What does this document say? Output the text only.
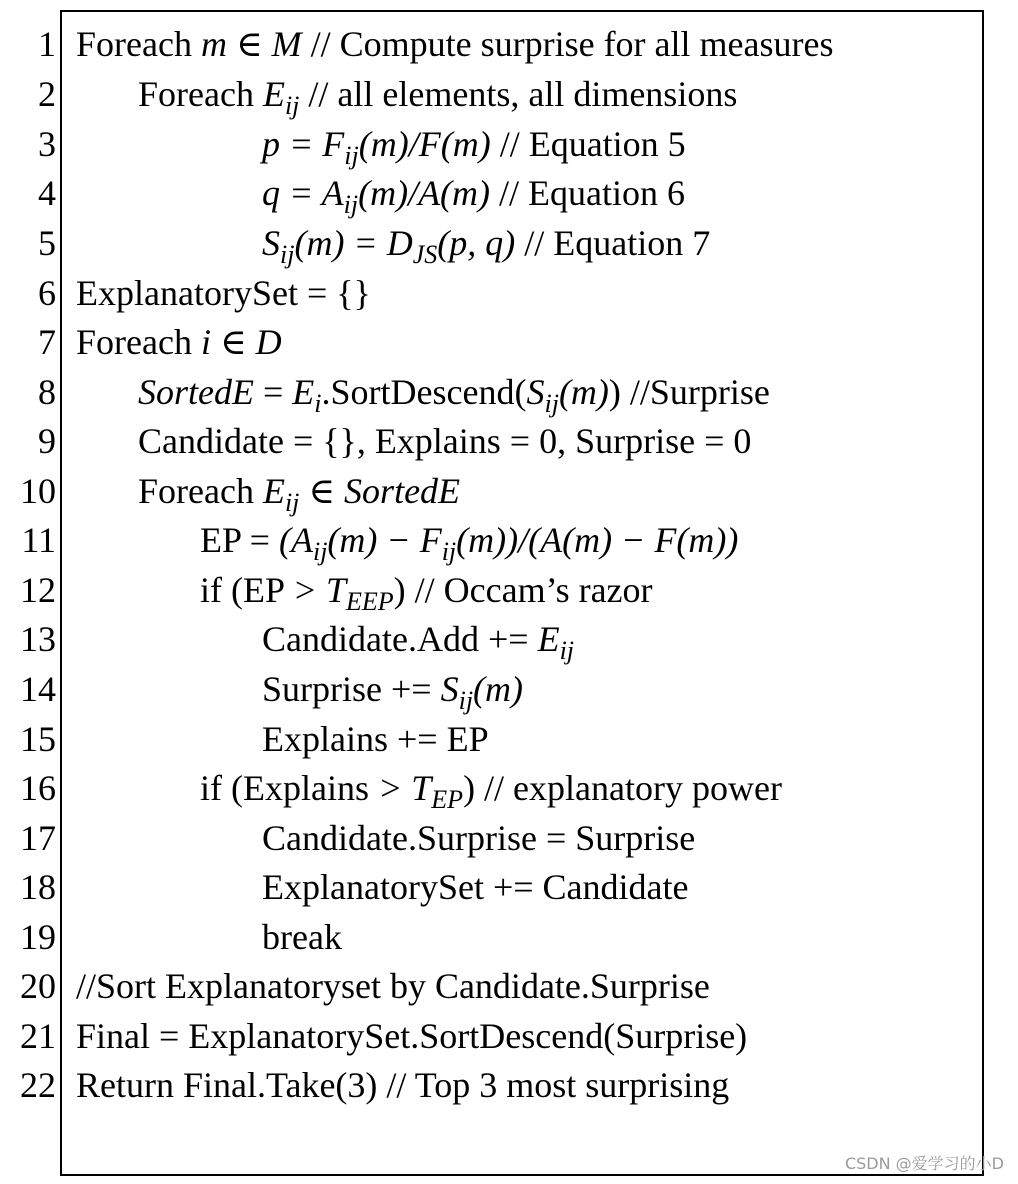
1 Foreach m ∈ M // Compute surprise for all measures
2 Foreach $E_{ij}$ // all elements, all dimensions
3	$p = F_{ij}(m)/F(m)$ // Equation 5
4	$q = A_{ij}(m)/A(m)$ // Equation 6
5	$S_{ij}(m) = D_{JS}(p$, q) // Equation 7
6 ExplanatorySet = {}
7 Foreach i ∈ D
8 SortedE = $E_i.SortDescend(S_{ij}(m))$ //Surprise
9 Candidate = {}, Explains = 0, Surprise = 0
10 Foreach $E_{ij}$ ∈ SortedE
11	EP = $(A_{ij}(m) - F_{ij}(m))/(A(m) - F(m))$
12	if $(EP > T_{EEP})$ // Occam’s razor
13	Candidate.Add += $E_{ij}$
14	Surprise += $S_{ij}(m)$
15	Explains += EP
16	if (Explains > $T_{EP}$) // explanatory power
17	Candidate.Surprise = Surprise
18	ExplanatorySet += Candidate
19	break
20 //Sort Explanatoryset by Candidate.Surprise
21 Final = ExplanatorySet.SortDescend(Surprise)
22 Return Final.Take(3) // Top 3 most surprising
CSDN @爱学习的小D
